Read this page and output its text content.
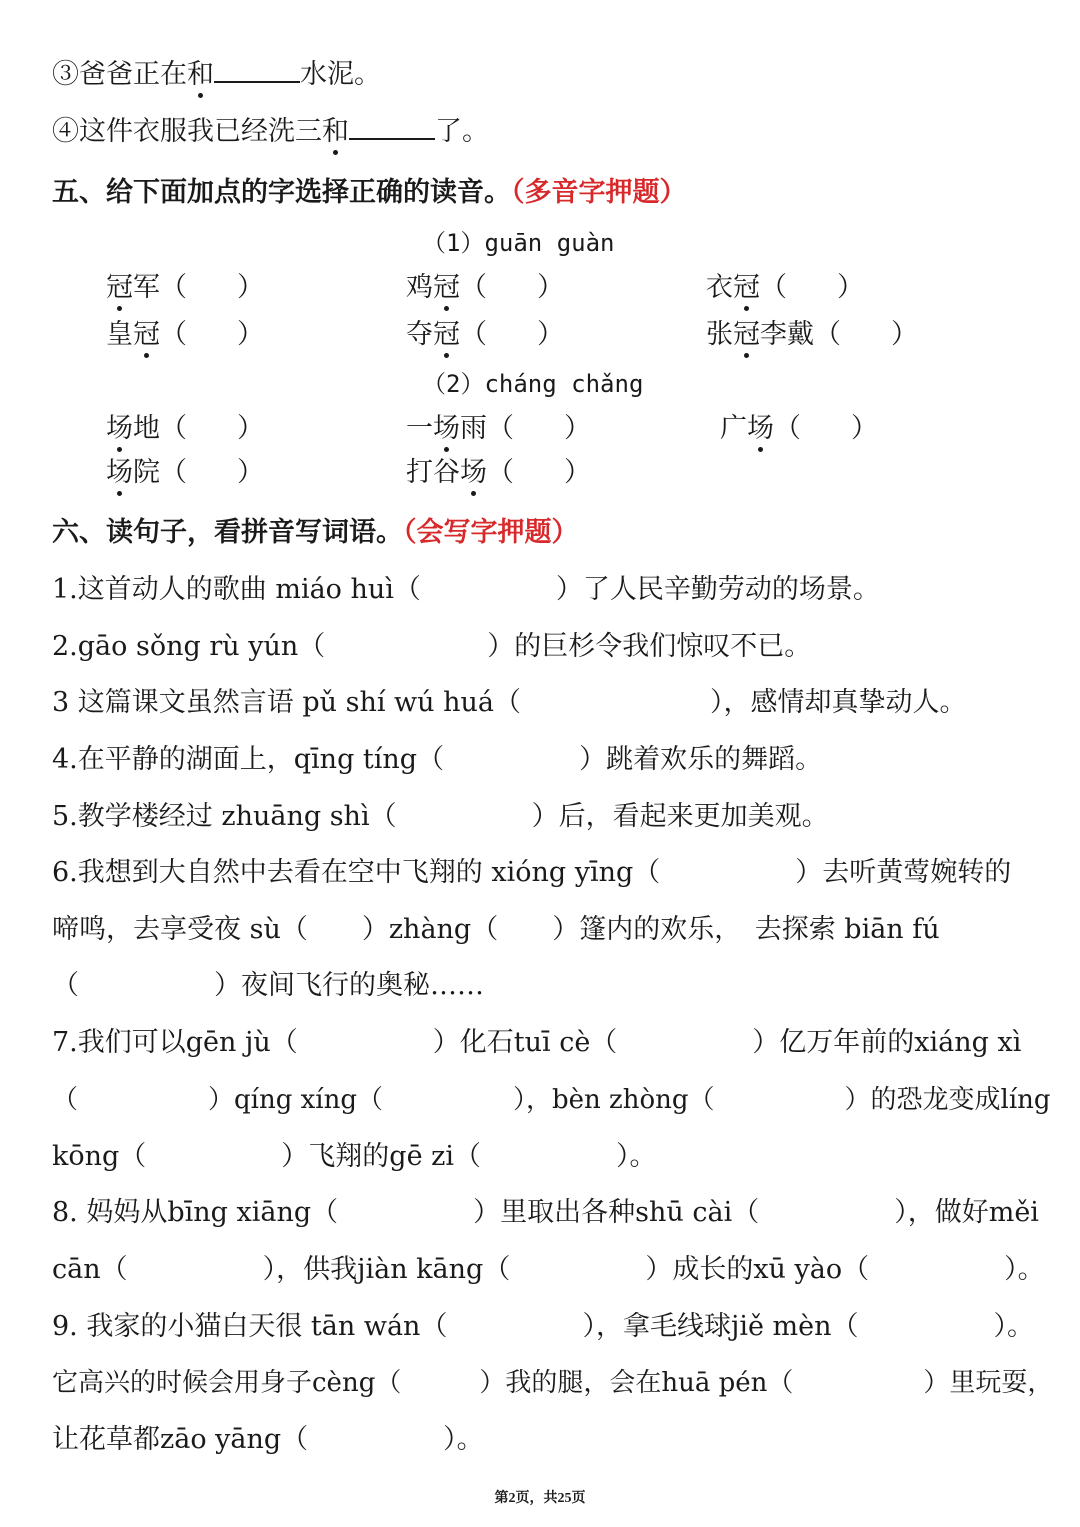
③爸爸正在和	水泥。
④这件衣服我已经洗三和	了。
五、给下面加点的字选择正确的读音。（多音字押题）
（1）guān guàn
冠军（ ）	鸡冠（ ）	衣冠（ ）
皇冠（ ）	夺冠（ ）	张冠李戴（ ）
（2）cháng chǎng
场地（ ）	一场雨（ ）	广场（ ）
场院（ ）	打谷场（ ）
六、读句子，看拼音写词语。（会写字押题）
1.这首动人的歌曲 miáo huì（　　　　　）了人民辛勤劳动的场景。
2.gāo sǒng rù yún（　　　　　　）的巨杉令我们惊叹不已。
3 这篇课文虽然言语 pǔ shí wú huá（　　　　　　　），感情却真挚动人。
4.在平静的湖面上，qīng tíng（　　　　　）跳着欢乐的舞蹈。
5.教学楼经过 zhuāng shì（　　　　　）后，看起来更加美观。
6.我想到大自然中去看在空中飞翔的 xióng yīng（　　　　　）去听黄莺婉转的
啼鸣，去享受夜 sù（　　）zhàng（　　）篷内的欢乐，　去探索 biān fú
（　　　　　）夜间飞行的奥秘……
7.我们可以gēn jù（　　　　　）化石tuī cè（　　　　　）亿万年前的xiáng xì
（　　　　　）qíng xíng（　　　　　），bèn zhòng（　　　　　）的恐龙变成líng
kōng（　　　　　）飞翔的gē zi（　　　　　）。
8. 妈妈从bīng xiāng（　　　　　）里取出各种shū cài（　　　　　），做好měi
cān（　　　　　），供我jiàn kāng（　　　　　）成长的xū yào（　　　　　）。
9. 我家的小猫白天很 tān wán（　　　　　），拿毛线球jiě mèn（　　　　　）。
它高兴的时候会用身子cèng（　　　）我的腿，会在huā pén（　　　　　）里玩耍，
让花草都zāo yāng（　　　　　）。
第2页，共25页
